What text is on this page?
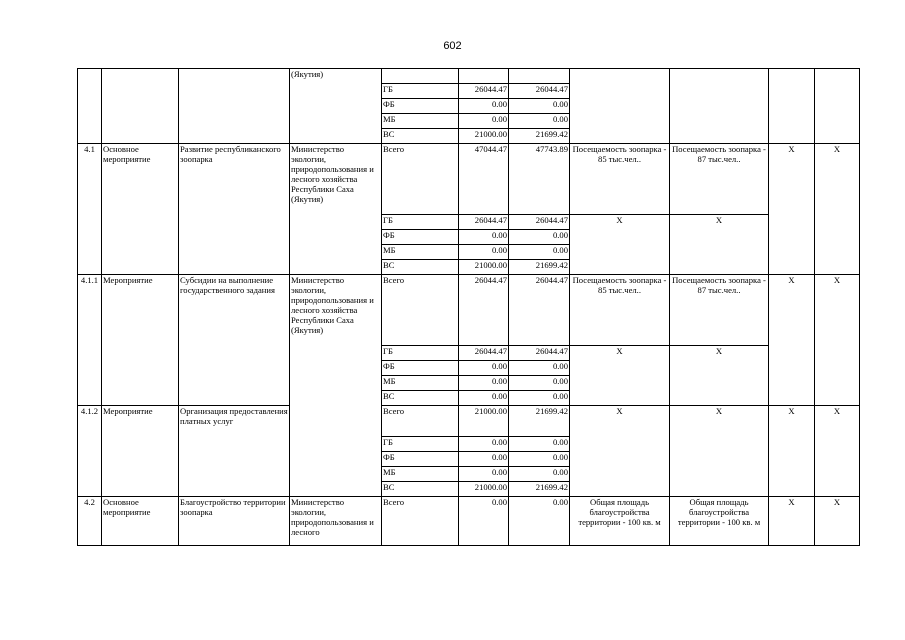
602
			(Якутия)							
				ГБ	26044.47	26044.47				
				ФБ	0.00	0.00				
				МБ	0.00	0.00				
				ВС	21000.00	21699.42				
4.1	Основное мероприятие	Развитие республиканского зоопарка	Министерство экологии, природопользования и лесного хозяйства Республики Саха (Якутия)	Всего	47044.47	47743.89	Посещаемость зоопарка - 85 тыс.чел..	Посещаемость зоопарка - 87 тыс.чел..	X	X
				ГБ	26044.47	26044.47	X	X		
				ФБ	0.00	0.00				
				МБ	0.00	0.00				
				ВС	21000.00	21699.42				
4.1.1	Мероприятие	Субсидии на выполнение государственного задания	Министерство экологии, природопользования и лесного хозяйства Республики Саха (Якутия)	Всего	26044.47	26044.47	Посещаемость зоопарка - 85 тыс.чел..	Посещаемость зоопарка - 87 тыс.чел..	X	X
				ГБ	26044.47	26044.47	X	X		
				ФБ	0.00	0.00				
				МБ	0.00	0.00				
				ВС	0.00	0.00				
4.1.2	Мероприятие	Организация предоставления платных услуг		Всего	21000.00	21699.42	X	X	X	X
				ГБ	0.00	0.00				
				ФБ	0.00	0.00				
				МБ	0.00	0.00				
				ВС	21000.00	21699.42				
4.2	Основное мероприятие	Благоустройство территории зоопарка	Министерство экологии, природопользования и лесного	Всего	0.00	0.00	Общая площадь благоустройства территории - 100 кв. м	Общая площадь благоустройства территории - 100 кв. м	X	X
